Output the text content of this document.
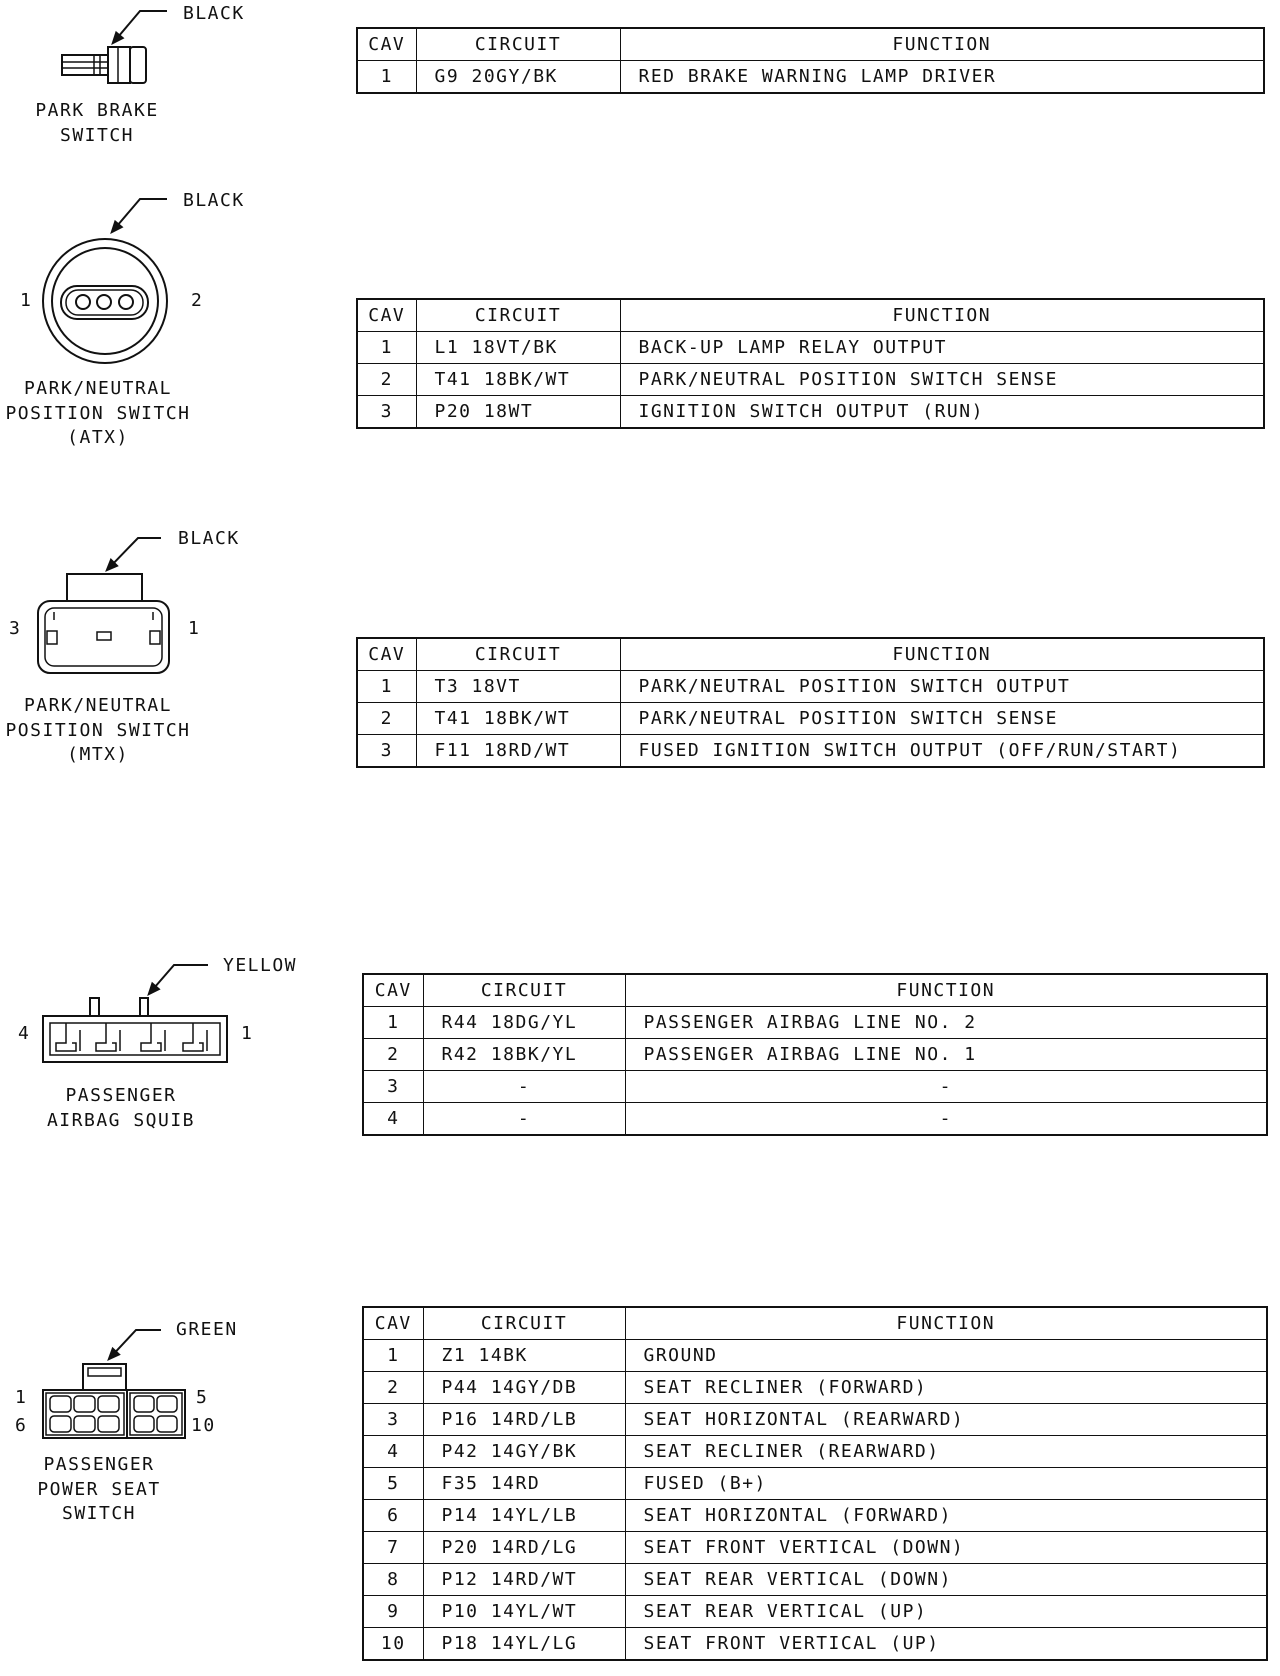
BLACK
PARK BRAKE
SWITCH
BLACK
1	2
PARK/NEUTRAL
POSITION SWITCH
(ATX)
BLACK
3	1
PARK/NEUTRAL
POSITION SWITCH
(MTX)
YELLOW
4	1
PASSENGER
AIRBAG SQUIB
GREEN
1
6
5
10
PASSENGER
POWER SEAT
SWITCH
CAV	CIRCUIT	FUNCTION
1	G9 20GY/BK	RED BRAKE WARNING LAMP DRIVER
CAV	CIRCUIT	FUNCTION
1	L1 18VT/BK	BACK-UP LAMP RELAY OUTPUT
2	T41 18BK/WT	PARK/NEUTRAL POSITION SWITCH SENSE
3	P20 18WT	IGNITION SWITCH OUTPUT (RUN)
CAV	CIRCUIT	FUNCTION
1	T3 18VT	PARK/NEUTRAL POSITION SWITCH OUTPUT
2	T41 18BK/WT	PARK/NEUTRAL POSITION SWITCH SENSE
3	F11 18RD/WT	FUSED IGNITION SWITCH OUTPUT (OFF/RUN/START)
CAV	CIRCUIT	FUNCTION
1	R44 18DG/YL	PASSENGER AIRBAG LINE NO. 2
2	R42 18BK/YL	PASSENGER AIRBAG LINE NO. 1
3	-	-
4	-	-
CAV	CIRCUIT	FUNCTION
1	Z1 14BK	GROUND
2	P44 14GY/DB	SEAT RECLINER (FORWARD)
3	P16 14RD/LB	SEAT HORIZONTAL (REARWARD)
4	P42 14GY/BK	SEAT RECLINER (REARWARD)
5	F35 14RD	FUSED (B+)
6	P14 14YL/LB	SEAT HORIZONTAL (FORWARD)
7	P20 14RD/LG	SEAT FRONT VERTICAL (DOWN)
8	P12 14RD/WT	SEAT REAR VERTICAL (DOWN)
9	P10 14YL/WT	SEAT REAR VERTICAL (UP)
10	P18 14YL/LG	SEAT FRONT VERTICAL (UP)
